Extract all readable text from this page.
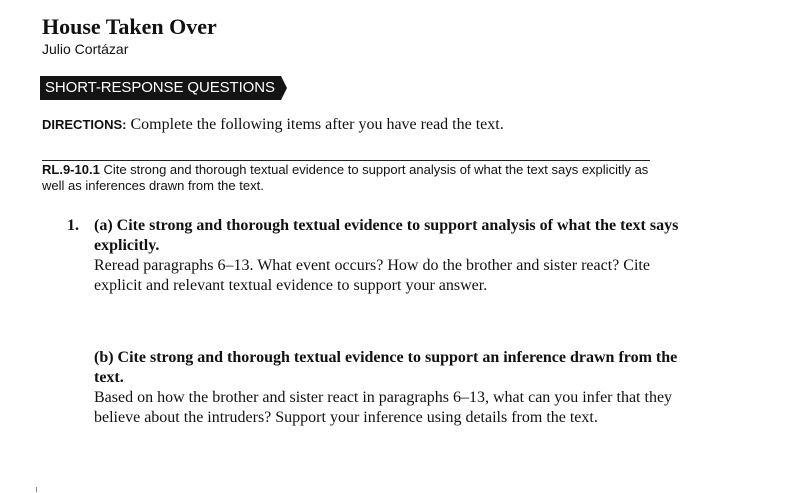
House Taken Over
Julio Cortázar
SHORT-RESPONSE QUESTIONS
DIRECTIONS: Complete the following items after you have read the text.
RL.9-10.1 Cite strong and thorough textual evidence to support analysis of what the text says explicitly as well as inferences drawn from the text.
1. (a) Cite strong and thorough textual evidence to support analysis of what the text says explicitly.
Reread paragraphs 6–13. What event occurs? How do the brother and sister react? Cite explicit and relevant textual evidence to support your answer.
(b) Cite strong and thorough textual evidence to support an inference drawn from the text.
Based on how the brother and sister react in paragraphs 6–13, what can you infer that they believe about the intruders? Support your inference using details from the text.
